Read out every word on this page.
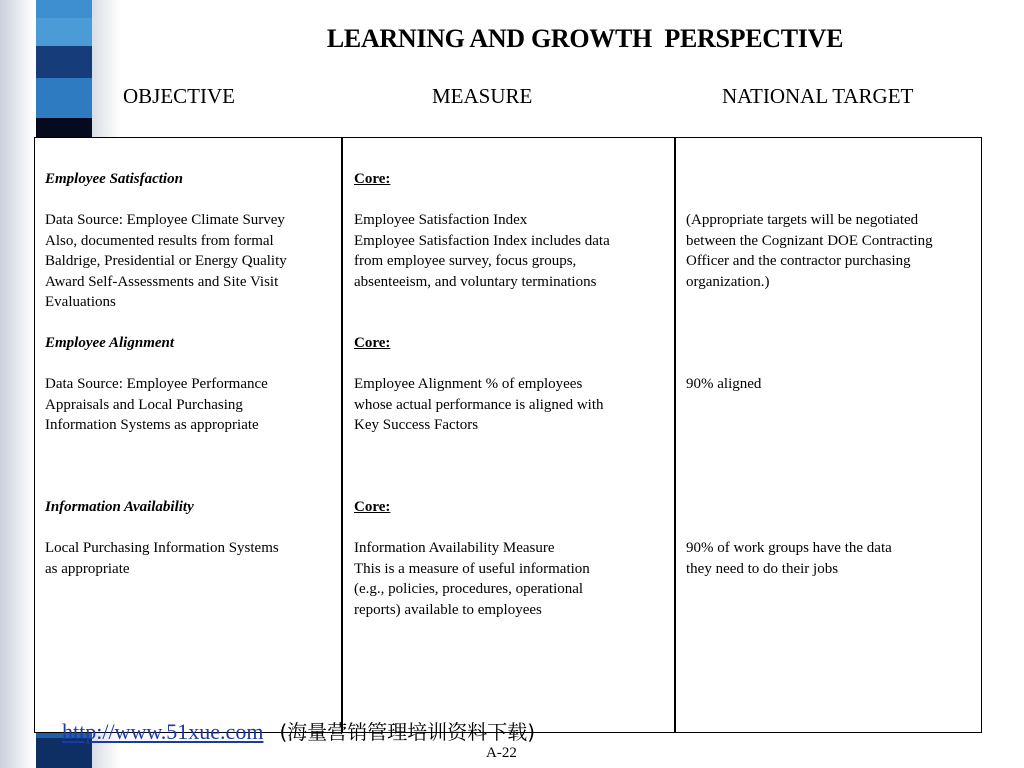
LEARNING AND GROWTH  PERSPECTIVE
OBJECTIVE	MEASURE	NATIONAL TARGET

Employee Satisfaction

Data Source: Employee Climate Survey

Also, documented results from formal

Baldrige, Presidential or Energy Quality

Award Self-Assessments and Site Visit

Evaluations

Employee Alignment

Data Source: Employee Performance

Appraisals and Local Purchasing

Information Systems as appropriate

Information Availability

Local Purchasing Information Systems

as appropriate

Core:

Employee Satisfaction Index

Employee Satisfaction Index includes data

from employee survey, focus groups,

absenteeism, and voluntary terminations

Core:

Employee Alignment % of employees

whose actual performance is aligned with

Key Success Factors

Core:

Information Availability Measure

This is a measure of useful information

(e.g., policies, procedures, operational

reports) available to employees

(Appropriate targets will be negotiated

between the Cognizant DOE Contracting

Officer and the contractor purchasing

organization.)

90% aligned

90% of work groups have the data

they need to do their jobs

http://www.51xue.com (海量营销管理培训资料下载)
A-22
